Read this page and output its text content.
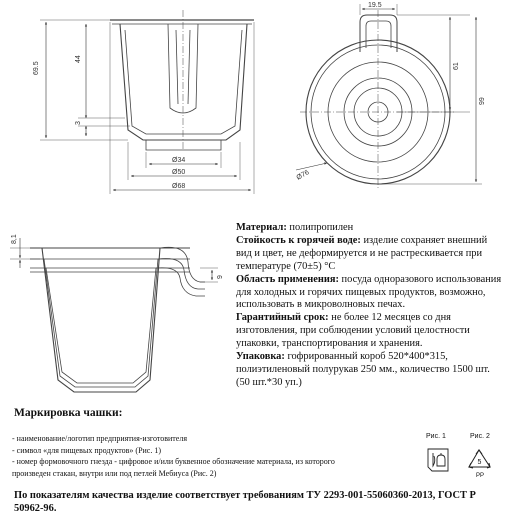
69.5
44
3
Ø34
Ø50
Ø68
19.5
61
99
Ø76
8,1
9
5
PP

Материал: полипропилен

Стойкость к горячей воде: изделие сохраняет внешний вид и цвет, не деформируется и не растрескивается при температуре (70±5) °С

Область применения: посуда одноразового использования для холодных и горячих пищевых продуктов, возможно, использовать в микроволновых печах.

Гарантийный срок: не более 12 месяцев со дня изготовления, при соблюдении условий целостности упаковки, транспортирования и хранения.

Упаковка: гофрированный короб 520*400*315, полиэтиленовый полурукав 250 мм., количество 1500 шт. (50 шт.*30 уп.)

Маркировка чашки:
- наименование/логотип предприятия-изготовителя
- символ «для пищевых продуктов» (Рис. 1)
- номер формовочного гнезда - цифровое и/или буквенное обозначение материала, из которого
произведен стакан, внутри или под петлей Мебиуса (Рис. 2)
Рис. 1	Рис. 2
По показателям качества изделие соответствует требованиям ТУ 2293-001-55060360-2013, ГОСТ Р 50962-96.
